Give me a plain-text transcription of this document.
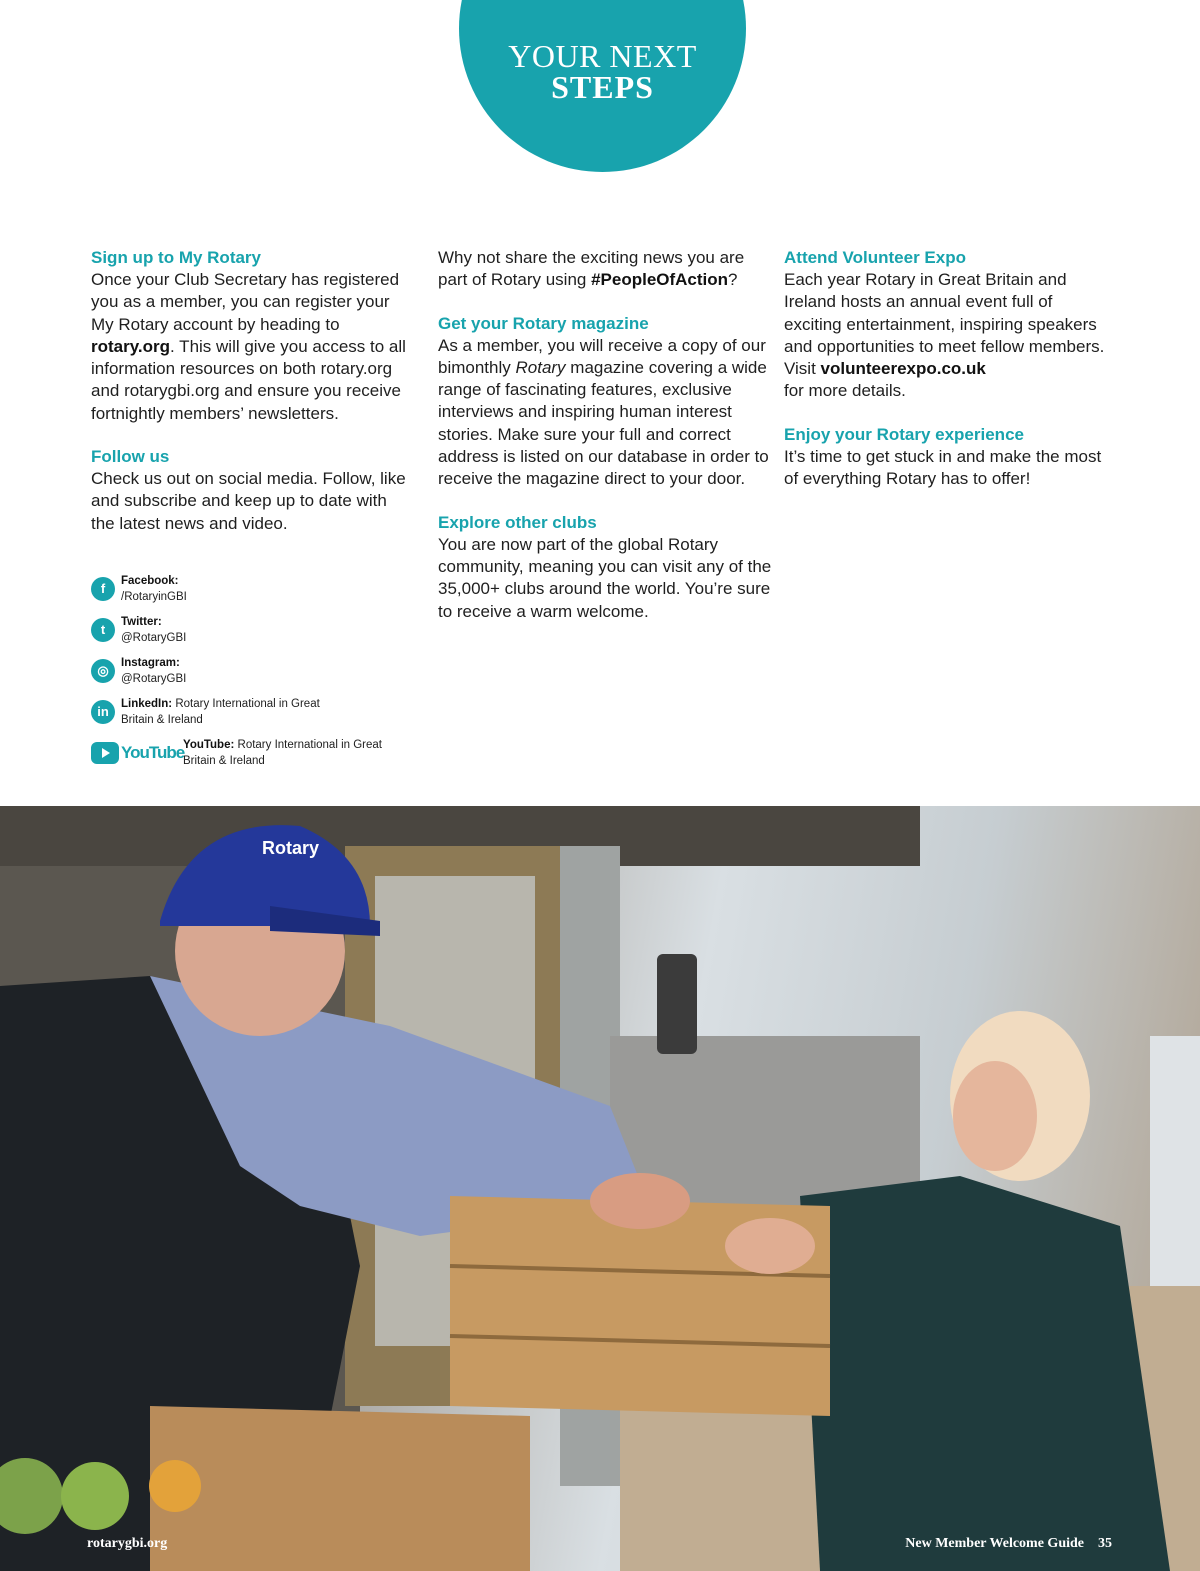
YOUR NEXT
STEPS
Sign up to My Rotary

Once your Club Secretary has registered you as a member, you can register your My Rotary account by heading to rotary.org. This will give you access to all information resources on both rotary.org and rotarygbi.org and ensure you receive fortnightly members’ newsletters.

Follow us

Check us out on social media. Follow, like and subscribe and keep up to date with the latest news and video.

f	Facebook:
/RotaryinGBI
t	Twitter:
@RotaryGBI
◎	Instagram:
@RotaryGBI
in	LinkedIn: Rotary International in Great Britain & Ireland
YouTube
YouTube: Rotary International in Great Britain & Ireland

Why not share the exciting news you are part of Rotary using #PeopleOfAction?

Get your Rotary magazine

As a member, you will receive a copy of our bimonthly Rotary magazine covering a wide range of fascinating features, exclusive interviews and inspiring human interest stories. Make sure your full and correct address is listed on our database in order to receive the magazine direct to your door.

Explore other clubs

You are now part of the global Rotary community, meaning you can visit any of the 35,000+ clubs around the world. You’re sure to receive a warm welcome.

Attend Volunteer Expo

Each year Rotary in Great Britain and Ireland hosts an annual event full of exciting entertainment, inspiring speakers and opportunities to meet fellow members.
Visit volunteerexpo.co.uk
for more details.

Enjoy your Rotary experience

It’s time to get stuck in and make the most of everything Rotary has to offer!

Rotary
rotarygbi.org	New Member Welcome Guide 35
